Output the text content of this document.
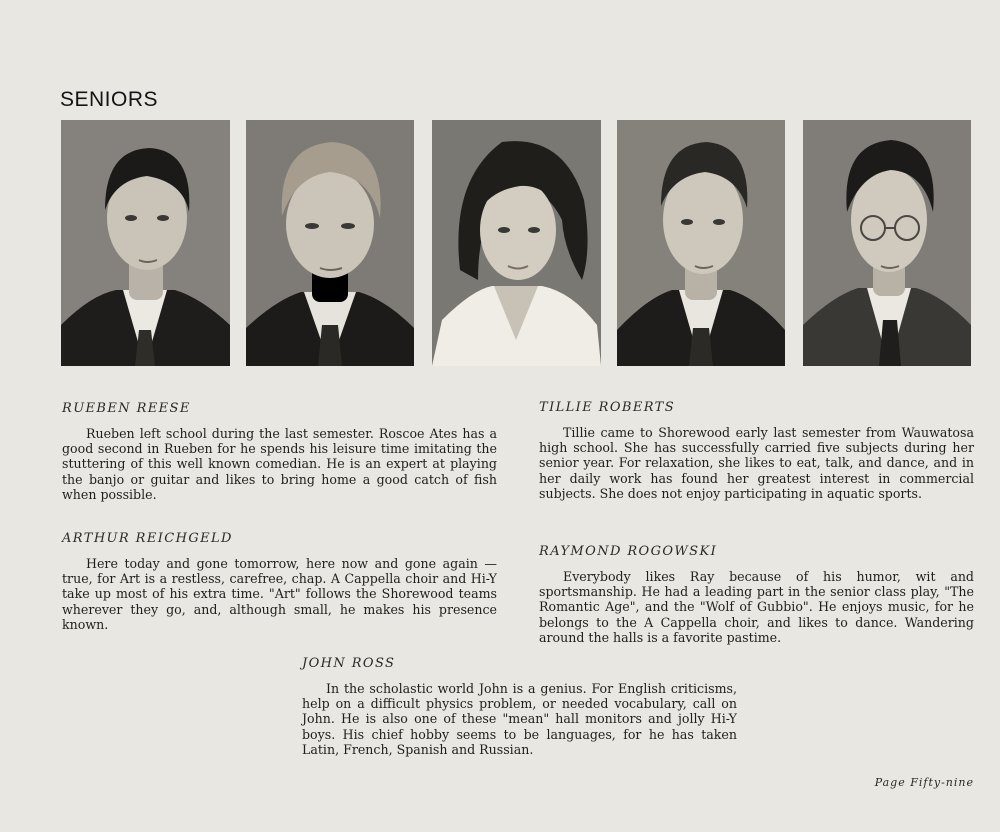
SENIORS
RUEBEN REESE

Rueben left school during the last semester. Roscoe Ates has a good second in Rueben for he spends his leisure time imitating the stuttering of this well known comedian. He is an expert at playing the banjo or guitar and likes to bring home a good catch of fish when possible.

TILLIE ROBERTS

Tillie came to Shorewood early last semester from Wauwatosa high school. She has successfully carried five subjects during her senior year. For relaxation, she likes to eat, talk, and dance, and in her daily work has found her greatest interest in commercial subjects. She does not enjoy participating in aquatic sports.

ARTHUR REICHGELD

Here today and gone tomorrow, here now and gone again — true, for Art is a restless, carefree, chap. A Cappella choir and Hi-Y take up most of his extra time. "Art" follows the Shorewood teams wherever they go, and, although small, he makes his presence known.

RAYMOND ROGOWSKI

Everybody likes Ray because of his humor, wit and sportsmanship. He had a leading part in the senior class play, "The Romantic Age", and the "Wolf of Gubbio". He enjoys music, for he belongs to the A Cappella choir, and likes to dance. Wandering around the halls is a favorite pastime.

JOHN ROSS

In the scholastic world John is a genius. For English criticisms, help on a difficult physics problem, or needed vocabulary, call on John. He is also one of these "mean" hall monitors and jolly Hi-Y boys. His chief hobby seems to be languages, for he has taken Latin, French, Spanish and Russian.

Page Fifty-nine
